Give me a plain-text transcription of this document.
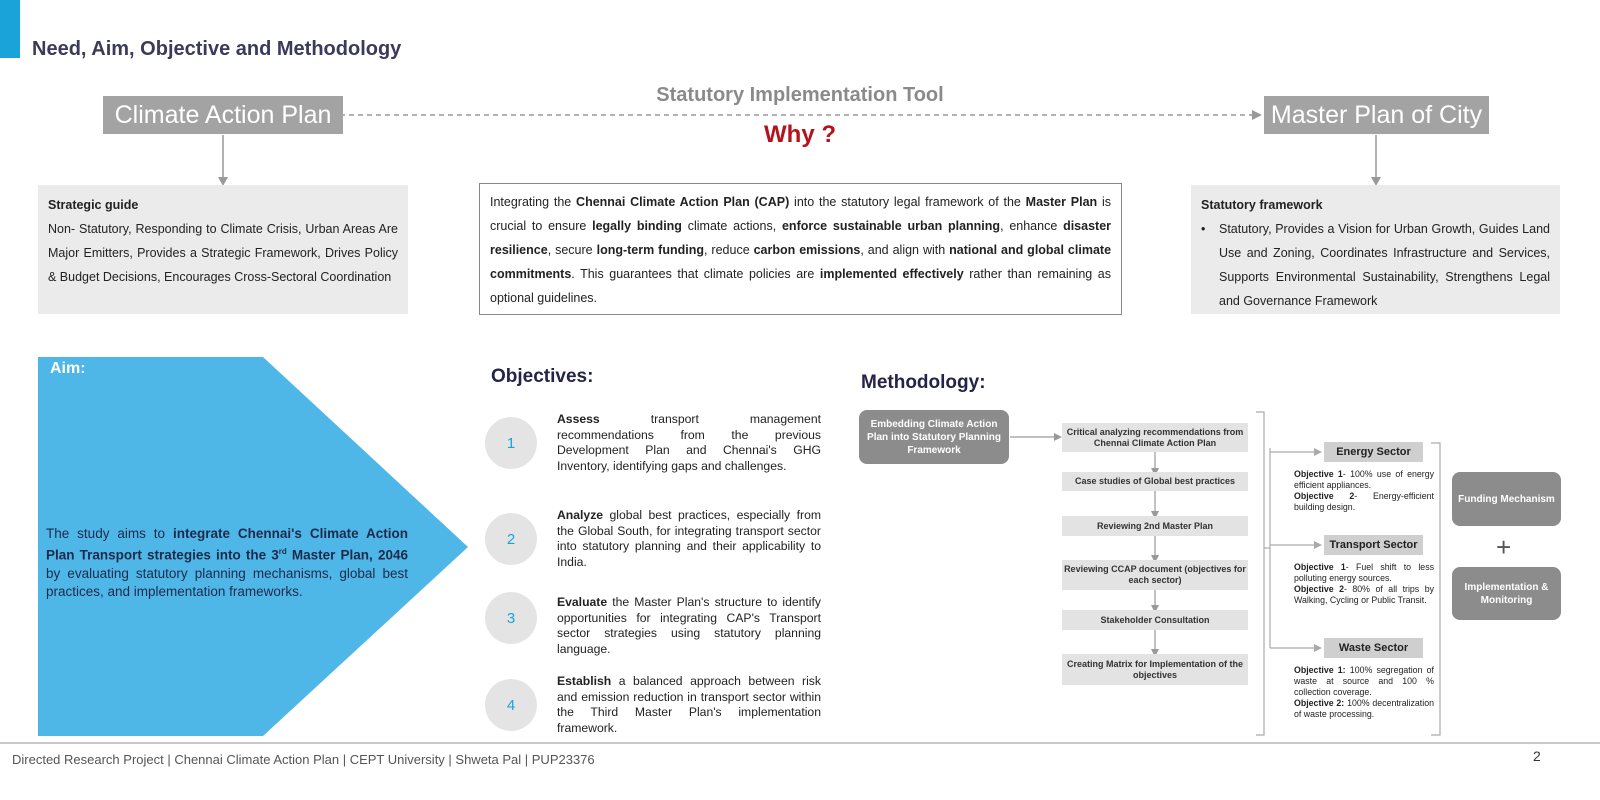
Need, Aim, Objective and Methodology
Climate Action Plan	Master Plan of City
Statutory Implementation Tool
Why ?
Strategic guide
Non- Statutory, Responding to Climate Crisis, Urban Areas Are Major Emitters, Provides a Strategic Framework, Drives Policy & Budget Decisions, Encourages Cross-Sectoral Coordination
Integrating the Chennai Climate Action Plan (CAP) into the statutory legal framework of the Master Plan is crucial to ensure legally binding climate actions, enforce sustainable urban planning, enhance disaster resilience, secure long-term funding, reduce carbon emissions, and align with national and global climate commitments. This guarantees that climate policies are implemented effectively rather than remaining as optional guidelines.
Statutory framework
•	Statutory, Provides a Vision for Urban Growth, Guides Land Use and Zoning, Coordinates Infrastructure and Services, Supports Environmental Sustainability, Strengthens Legal and Governance Framework
Aim:
The study aims to integrate Chennai's Climate Action Plan Transport strategies into the 3rd Master Plan, 2046 by evaluating statutory planning mechanisms, global best practices, and implementation frameworks.
Objectives:
1
Assess transport management recommendations from the previous Development Plan and Chennai's GHG Inventory, identifying gaps and challenges.
2
Analyze global best practices, especially from the Global South, for integrating transport sector into statutory planning and their applicability to India.
3
Evaluate the Master Plan's structure to identify opportunities for integrating CAP's Transport sector strategies using statutory planning language.
4
Establish a balanced approach between risk and emission reduction in transport sector within the Third Master Plan's implementation framework.
Methodology:
Embedding Climate Action Plan into Statutory Planning Framework
Critical analyzing recommendations from Chennai Climate Action Plan
Case studies of Global best practices
Reviewing 2nd Master Plan
Reviewing CCAP document (objectives for each sector)
Stakeholder Consultation
Creating Matrix for Implementation of the objectives
Energy Sector
Objective 1- 100% use of energy efficient appliances.
Objective 2- Energy-efficient building design.
Transport Sector
Objective 1- Fuel shift to less polluting energy sources.
Objective 2- 80% of all trips by Walking, Cycling or Public Transit.
Waste Sector
Objective 1: 100% segregation of waste at source and 100 % collection coverage.
Objective 2: 100% decentralization of waste processing.
Funding Mechanism
+
Implementation & Monitoring
Directed Research Project | Chennai Climate Action Plan | CEPT University | Shweta Pal | PUP23376	2
